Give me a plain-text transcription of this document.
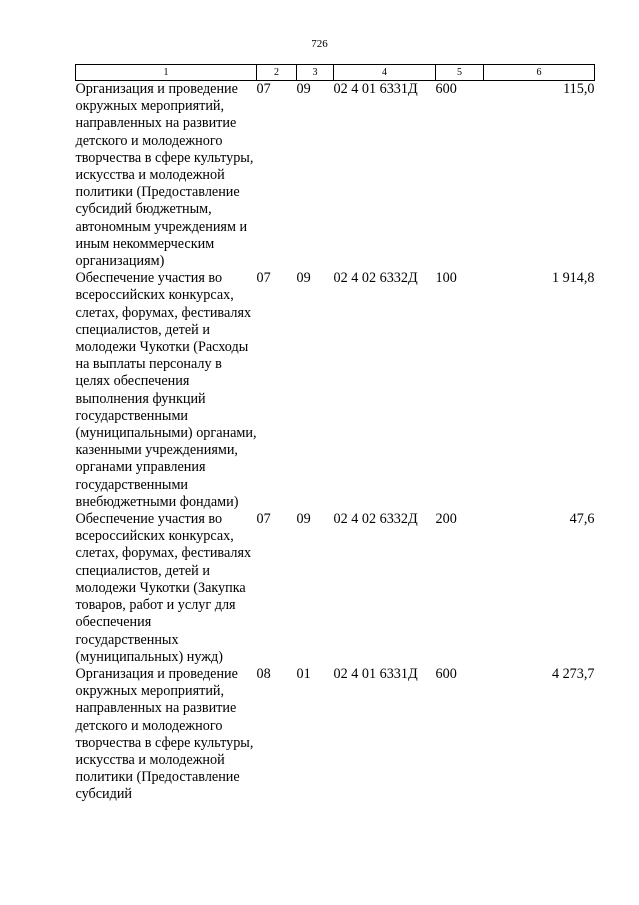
726
1	2	3	4	5	6
Организация и проведение окружных мероприятий, направленных на развитие детского и молодежного творчества в сфере культуры, искусства и молодежной политики (Предоставление субсидий бюджетным, автономным учреждениям и иным некоммерческим организациям)	07	09	02 4 01 6331Д	600	115,0
Обеспечение участия во всероссийских конкурсах, слетах, форумах, фестивалях специалистов, детей и молодежи Чукотки (Расходы на выплаты персоналу в целях обеспечения выполнения функций государственными (муниципальными) органами, казенными учреждениями, органами управления государственными внебюджетными фондами)	07	09	02 4 02 6332Д	100	1 914,8
Обеспечение участия во всероссийских конкурсах, слетах, форумах, фестивалях специалистов, детей и молодежи Чукотки (Закупка товаров, работ и услуг для обеспечения государственных (муниципальных) нужд)	07	09	02 4 02 6332Д	200	47,6
Организация и проведение окружных мероприятий, направленных на развитие детского и молодежного творчества в сфере культуры, искусства и молодежной политики (Предоставление субсидий	08	01	02 4 01 6331Д	600	4 273,7
